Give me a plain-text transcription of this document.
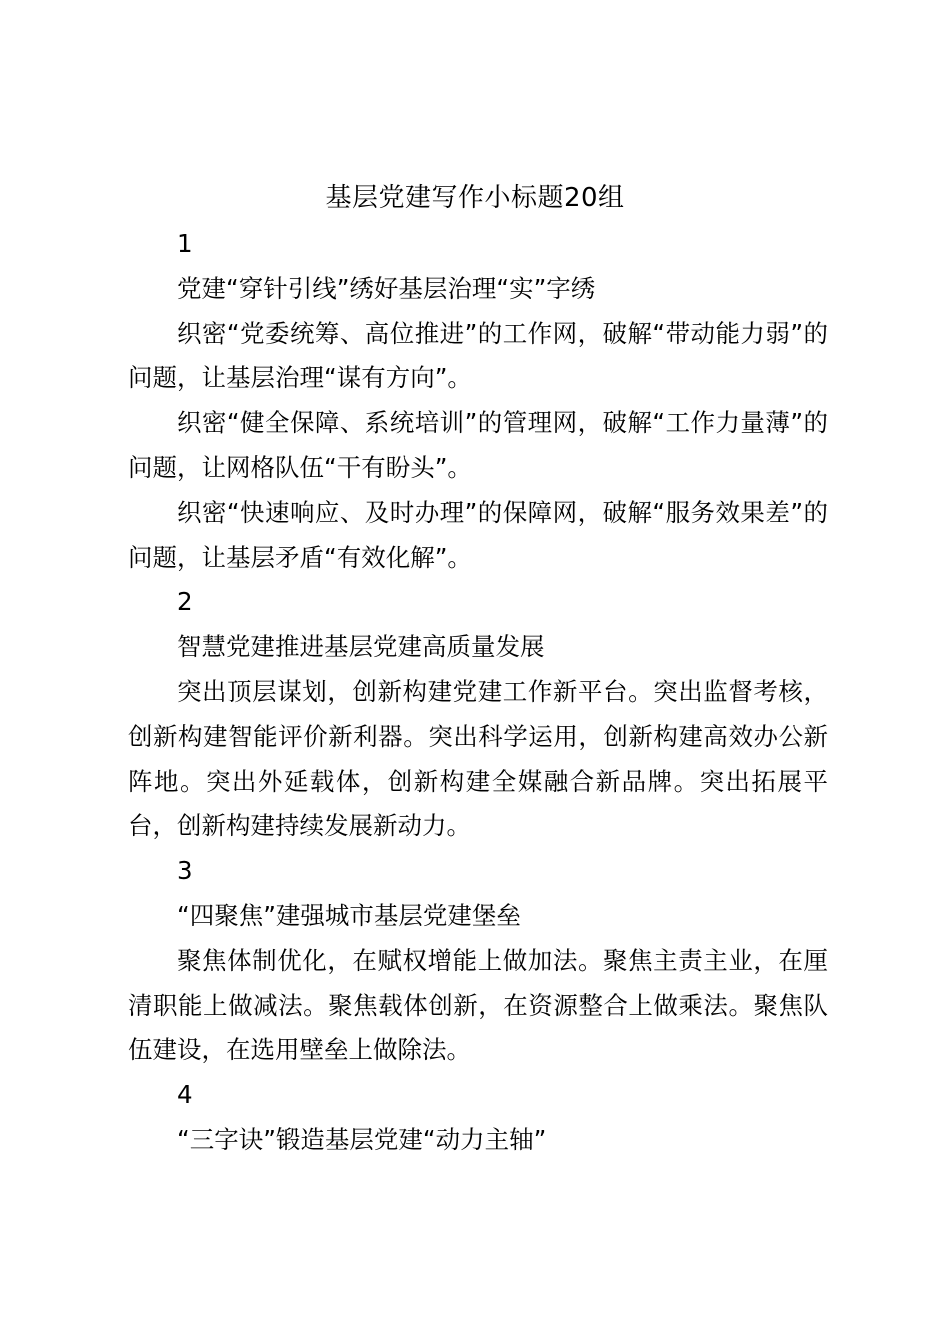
基层党建写作小标题20组

1

党建“穿针引线”绣好基层治理“实”字绣

织密“党委统筹、高位推进”的工作网，破解“带动能力弱”的问题，让基层治理“谋有方向”。

织密“健全保障、系统培训”的管理网，破解“工作力量薄”的问题，让网格队伍“干有盼头”。

织密“快速响应、及时办理”的保障网，破解“服务效果差”的问题，让基层矛盾“有效化解”。

2

智慧党建推进基层党建高质量发展

突出顶层谋划，创新构建党建工作新平台。突出监督考核，创新构建智能评价新利器。突出科学运用，创新构建高效办公新阵地。突出外延载体，创新构建全媒融合新品牌。突出拓展平台，创新构建持续发展新动力。

3

“四聚焦”建强城市基层党建堡垒

聚焦体制优化，在赋权增能上做加法。聚焦主责主业，在厘清职能上做减法。聚焦载体创新，在资源整合上做乘法。聚焦队伍建设，在选用壁垒上做除法。

4

“三字诀”锻造基层党建“动力主轴”
